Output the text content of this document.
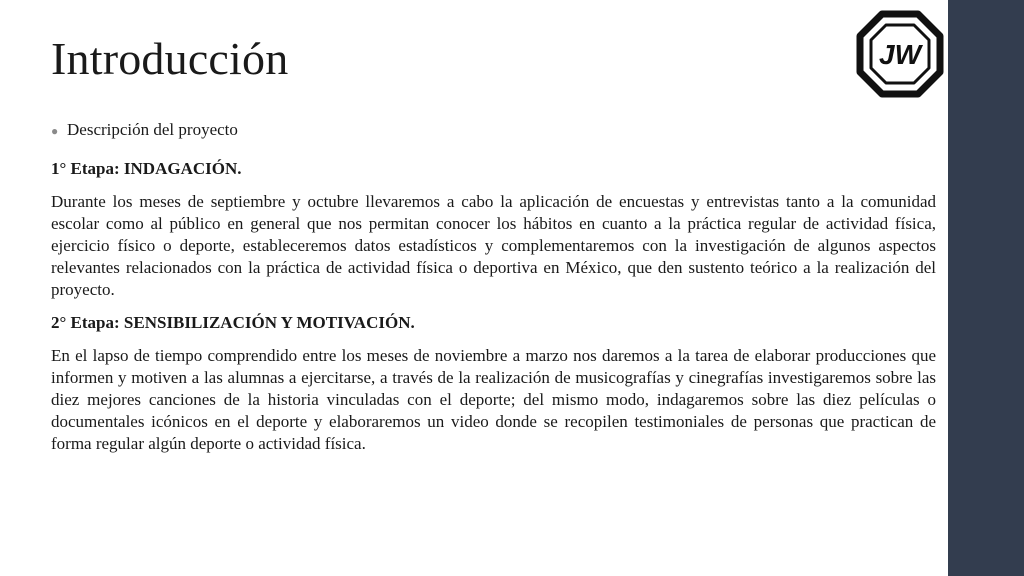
Introducción	JW
● Descripción del proyecto

1° Etapa: INDAGACIÓN.

Durante los meses de septiembre y octubre llevaremos a cabo la aplicación de encuestas y entrevistas tanto a la comunidad escolar como al público en general que nos permitan conocer los hábitos en cuanto a la práctica regular de actividad física, ejercicio físico o deporte, estableceremos datos estadísticos y complementaremos con la investigación de algunos aspectos relevantes relacionados con la práctica de actividad física o deportiva en México, que den sustento teórico a la realización del proyecto.

2° Etapa: SENSIBILIZACIÓN Y MOTIVACIÓN.

En el lapso de tiempo comprendido entre los meses de noviembre a marzo nos daremos a la tarea de elaborar producciones que informen y motiven a las alumnas a ejercitarse, a través de la realización de musicografías y cinegrafías investigaremos sobre las diez mejores canciones de la historia vinculadas con el deporte; del mismo modo, indagaremos sobre las diez películas o documentales icónicos en el deporte y elaboraremos un video donde se recopilen testimoniales de personas que practican de forma regular algún deporte o actividad física.
